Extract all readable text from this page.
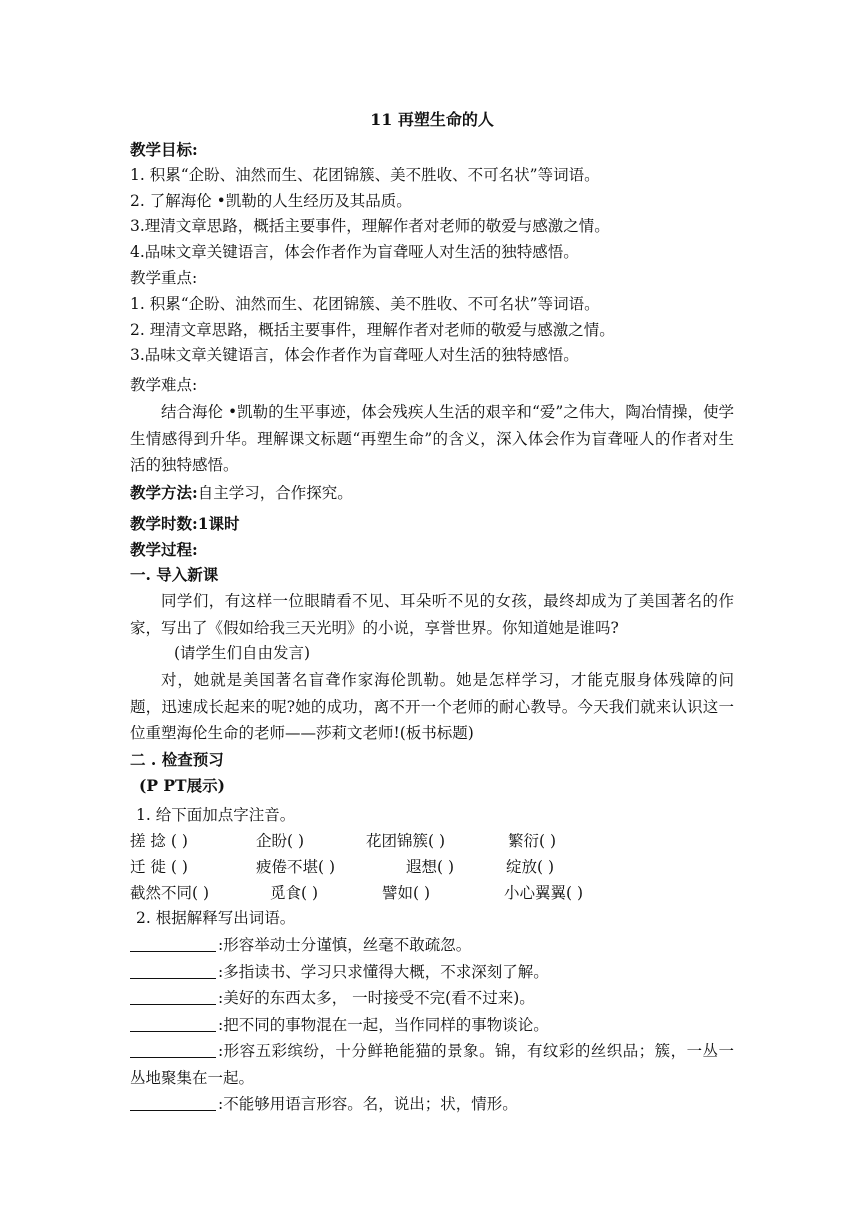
11 再塑生命的人
教学目标:
1. 积累“企盼、油然而生、花团锦簇、美不胜收、不可名状”等词语。
2. 了解海伦 •凯勒的人生经历及其品质。
3.理清文章思路，概括主要事件，理解作者对老师的敬爱与感激之情。
4.品味文章关键语言，体会作者作为盲聋哑人对生活的独特感悟。
教学重点:
1. 积累“企盼、油然而生、花团锦簇、美不胜收、不可名状”等词语。
2. 理清文章思路，概括主要事件，理解作者对老师的敬爱与感激之情。
3.品味文章关键语言，体会作者作为盲聋哑人对生活的独特感悟。
教学难点:

结合海伦 •凯勒的生平事迹，体会残疾人生活的艰辛和“爱”之伟大，陶冶情操，使学生情感得到升华。理解课文标题“再塑生命”的含义，深入体会作为盲聋哑人的作者对生活的独特感悟。

教学方法:自主学习，合作探究。
教学时数:1课时
教学过程:
一. 导入新课

同学们，有这样一位眼睛看不见、耳朵听不见的女孩，最终却成为了美国著名的作家，写出了《假如给我三天光明》的小说，享誉世界。你知道她是谁吗?

(请学生们自由发言)

对，她就是美国著名盲聋作家海伦凯勒。她是怎样学习，才能克服身体残障的问题，迅速成长起来的呢?她的成功，离不开一个老师的耐心教导。今天我们就来认识这一位重塑海伦生命的老师——莎莉文老师!(板书标题)

二 . 检查预习
(P PT展示)
1. 给下面加点字注音。
搓 捻 ( )	企盼( )	花团锦簇( )	繁衍( )
迁 徙 ( )	疲倦不堪( )	遐想( )	绽放( )
截然不同( )	觅食( )	譬如( )	小心翼翼( )
2. 根据解释写出词语。
:形容举动士分谨慎，丝毫不敢疏忽。
:多指读书、学习只求懂得大概，不求深刻了解。
:美好的东西太多， 一时接受不完(看不过来)。
:把不同的事物混在一起，当作同样的事物谈论。
:形容五彩缤纷，十分鲜艳能猫的景象。锦，有纹彩的丝织品；簇，一丛一丛地聚集在一起。
:不能够用语言形容。名，说出；状，情形。
